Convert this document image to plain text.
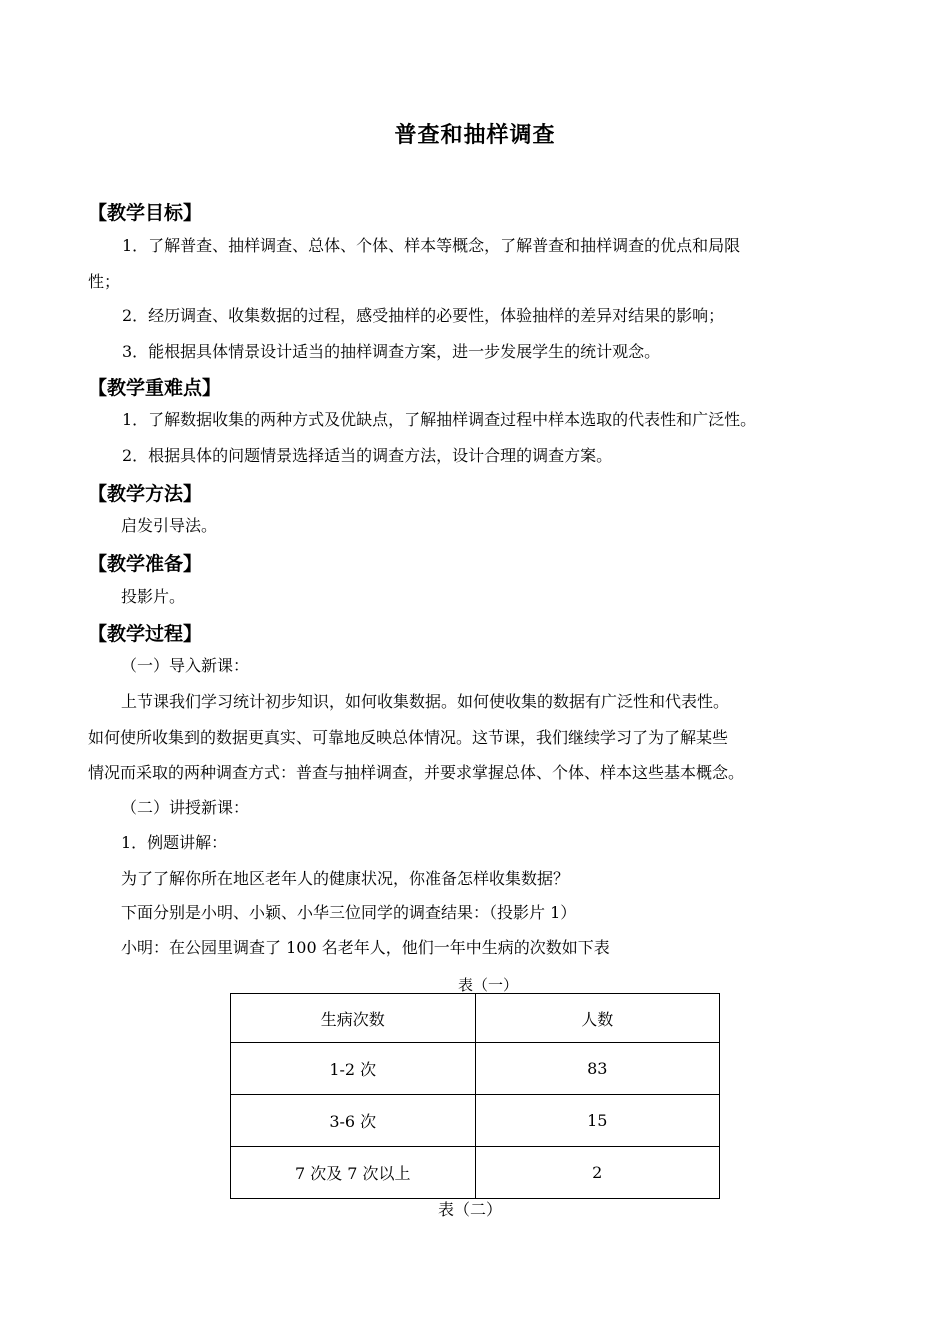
普查和抽样调查
【教学目标】
1．了解普查、抽样调查、总体、个体、样本等概念，了解普查和抽样调查的优点和局限
性；
2．经历调查、收集数据的过程，感受抽样的必要性，体验抽样的差异对结果的影响；
3．能根据具体情景设计适当的抽样调查方案，进一步发展学生的统计观念。
【教学重难点】
1．了解数据收集的两种方式及优缺点，了解抽样调查过程中样本选取的代表性和广泛性。
2．根据具体的问题情景选择适当的调查方法，设计合理的调查方案。
【教学方法】
启发引导法。
【教学准备】
投影片。
【教学过程】
（一）导入新课：
上节课我们学习统计初步知识，如何收集数据。如何使收集的数据有广泛性和代表性。
如何使所收集到的数据更真实、可靠地反映总体情况。这节课，我们继续学习了为了解某些
情况而采取的两种调查方式：普查与抽样调查，并要求掌握总体、个体、样本这些基本概念。
（二）讲授新课：
1．例题讲解：
为了了解你所在地区老年人的健康状况，你准备怎样收集数据？
下面分别是小明、小颖、小华三位同学的调查结果：（投影片 1）
小明：在公园里调查了 100 名老年人，他们一年中生病的次数如下表
表（一）
生病次数	人数
1-2 次	83
3-6 次	15
7 次及 7 次以上	2
表（二）
